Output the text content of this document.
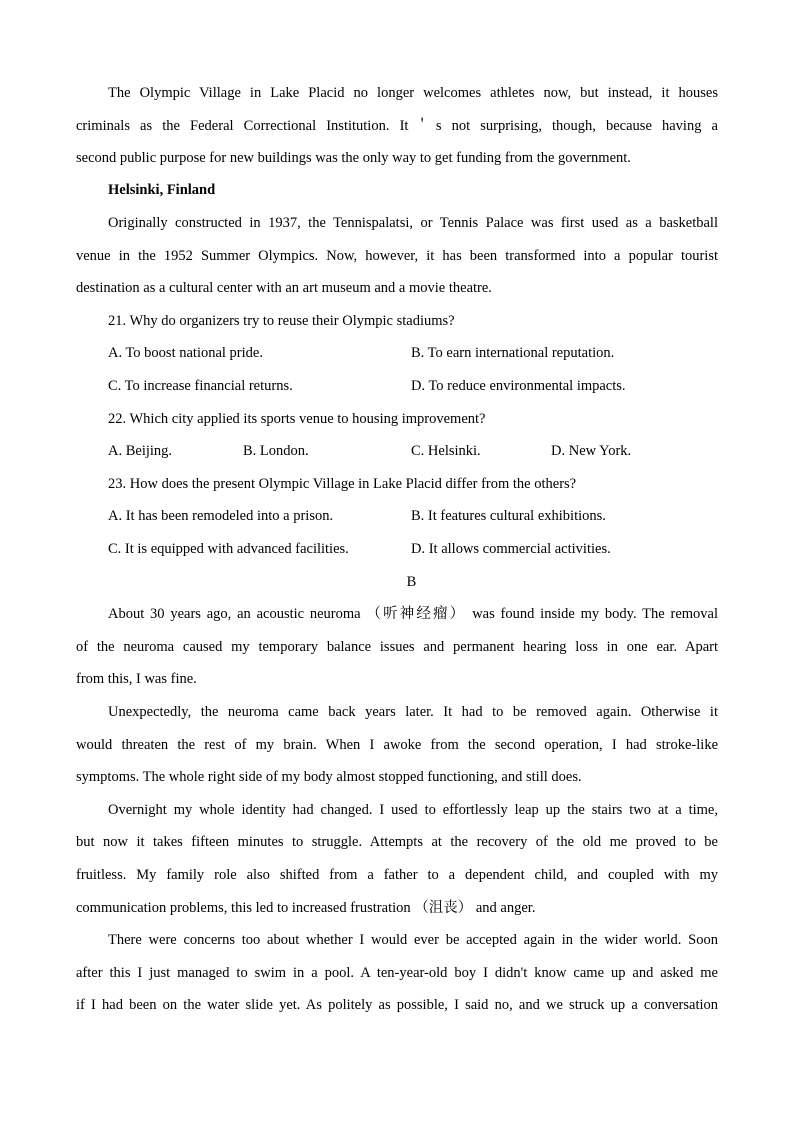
The Olympic Village in Lake Placid no longer welcomes athletes now, but instead, it houses
criminals as the Federal Correctional Institution. It＇s not surprising, though, because having a
second public purpose for new buildings was the only way to get funding from the government.
Helsinki, Finland
Originally constructed in 1937, the Tennispalatsi, or Tennis Palace was first used as a basketball
venue in the 1952 Summer Olympics. Now, however, it has been transformed into a popular tourist
destination as a cultural center with an art museum and a movie theatre.
21. Why do organizers try to reuse their Olympic stadiums?
A. To boost national pride.	B. To earn international reputation.
C. To increase financial returns.	D. To reduce environmental impacts.
22. Which city applied its sports venue to housing improvement?
A. Beijing.	B. London.	C. Helsinki.	D. New York.
23. How does the present Olympic Village in Lake Placid differ from the others?
A. It has been remodeled into a prison.	B. It features cultural exhibitions.
C. It is equipped with advanced facilities.	D. It allows commercial activities.
B
About 30 years ago, an acoustic neuroma （听神经瘤） was found inside my body. The removal
of the neuroma caused my temporary balance issues and permanent hearing loss in one ear. Apart
from this, I was fine.
Unexpectedly, the neuroma came back years later. It had to be removed again. Otherwise it
would threaten the rest of my brain. When I awoke from the second operation, I had stroke-like
symptoms. The whole right side of my body almost stopped functioning, and still does.
Overnight my whole identity had changed. I used to effortlessly leap up the stairs two at a time,
but now it takes fifteen minutes to struggle. Attempts at the recovery of the old me proved to be
fruitless. My family role also shifted from a father to a dependent child, and coupled with my
communication problems, this led to increased frustration （沮丧） and anger.
There were concerns too about whether I would ever be accepted again in the wider world. Soon
after this I just managed to swim in a pool. A ten-year-old boy I didn't know came up and asked me
if I had been on the water slide yet. As politely as possible, I said no, and we struck up a conversation
